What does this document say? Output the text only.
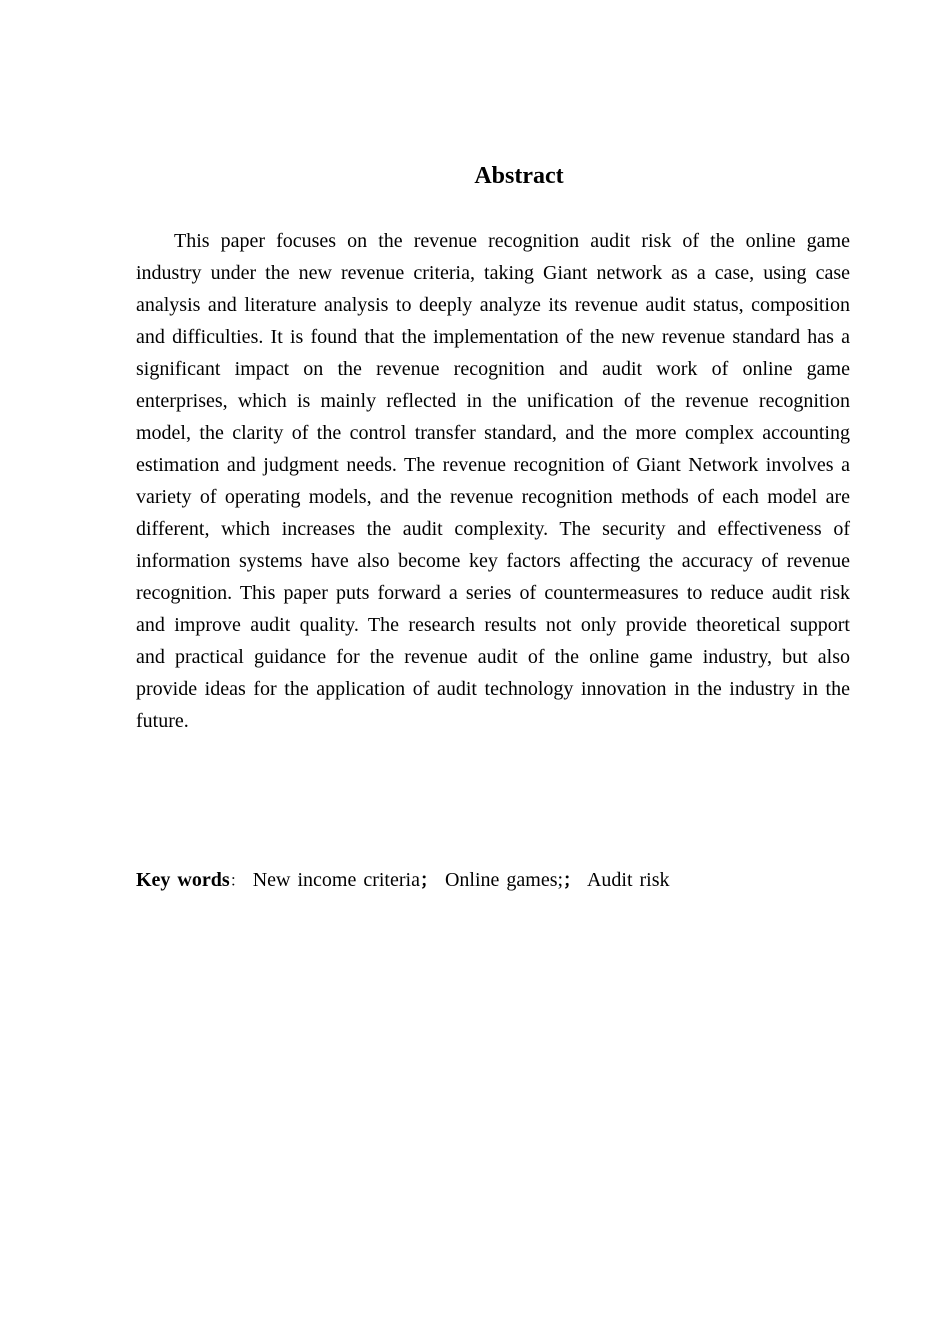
Abstract

This paper focuses on the revenue recognition audit risk of the online game industry under the new revenue criteria, taking Giant network as a case, using case analysis and literature analysis to deeply analyze its revenue audit status, composition and difficulties. It is found that the implementation of the new revenue standard has a significant impact on the revenue recognition and audit work of online game enterprises, which is mainly reflected in the unification of the revenue recognition model, the clarity of the control transfer standard, and the more complex accounting estimation and judgment needs. The revenue recognition of Giant Network involves a variety of operating models, and the revenue recognition methods of each model are different, which increases the audit complexity. The security and effectiveness of information systems have also become key factors affecting the accuracy of revenue recognition. This paper puts forward a series of countermeasures to reduce audit risk and improve audit quality. The research results not only provide theoretical support and practical guidance for the revenue audit of the online game industry, but also provide ideas for the application of audit technology innovation in the industry in the future.

Key words： New income criteria； Online games;； Audit risk
